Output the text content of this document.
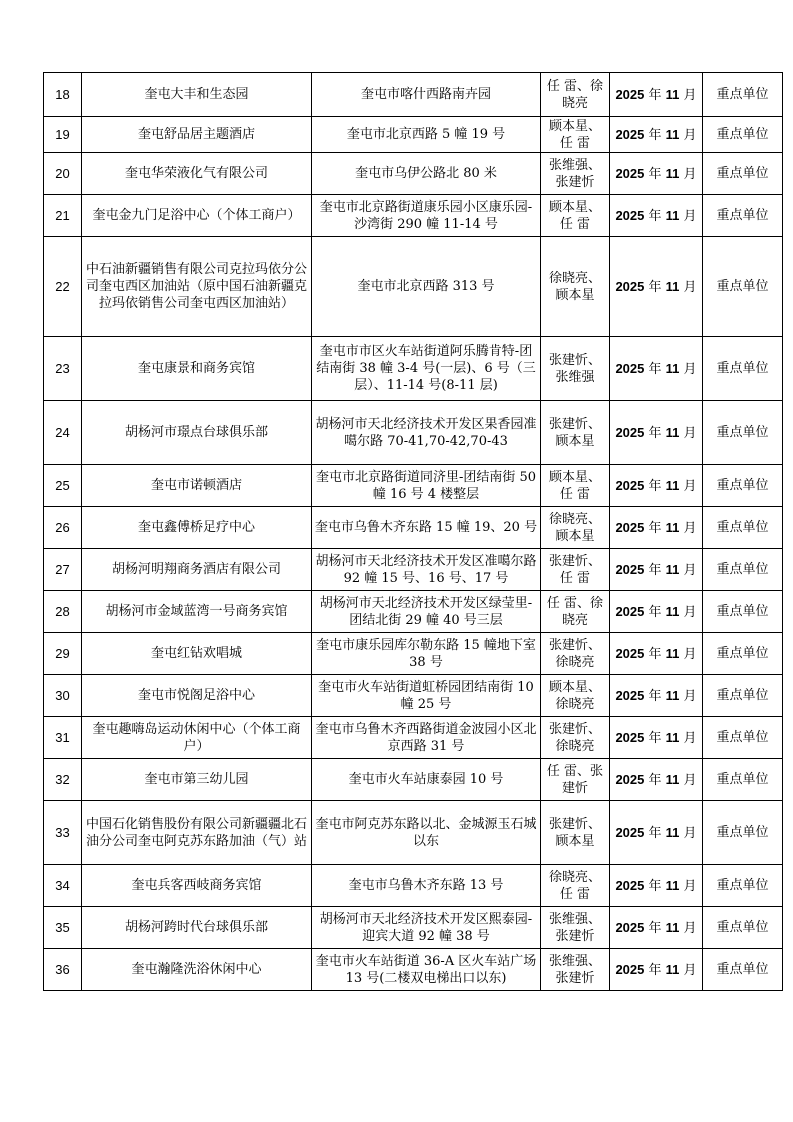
18	奎屯大丰和生态园	奎屯市喀什西路南卉园	任 雷、徐晓亮	2025 年 11 月	重点单位
19	奎屯舒品居主题酒店	奎屯市北京西路 5 幢 19 号	顾本星、任 雷	2025 年 11 月	重点单位
20	奎屯华荣液化气有限公司	奎屯市乌伊公路北 80 米	张维强、张建忻	2025 年 11 月	重点单位
21	奎屯金九门足浴中心（个体工商户）	奎屯市北京路街道康乐园小区康乐园-沙湾街 290 幢 11-14 号	顾本星、任 雷	2025 年 11 月	重点单位
22	中石油新疆销售有限公司克拉玛依分公司奎屯西区加油站（原中国石油新疆克拉玛依销售公司奎屯西区加油站）	奎屯市北京西路 313 号	徐晓亮、顾本星	2025 年 11 月	重点单位
23	奎屯康景和商务宾馆	奎屯市市区火车站街道阿乐腾肯特-团结南街 38 幢 3-4 号(一层)、6 号（三层）、11-14 号(8-11 层)	张建忻、张维强	2025 年 11 月	重点单位
24	胡杨河市璟点台球俱乐部	胡杨河市天北经济技术开发区果香园准噶尔路 70-41,70-42,70-43	张建忻、顾本星	2025 年 11 月	重点单位
25	奎屯市诺顿酒店	奎屯市北京路街道同济里-团结南街 50 幢 16 号 4 楼整层	顾本星、任 雷	2025 年 11 月	重点单位
26	奎屯鑫傅桥足疗中心	奎屯市乌鲁木齐东路 15 幢 19、20 号	徐晓亮、顾本星	2025 年 11 月	重点单位
27	胡杨河明翔商务酒店有限公司	胡杨河市天北经济技术开发区准噶尔路 92 幢 15 号、16 号、17 号	张建忻、任 雷	2025 年 11 月	重点单位
28	胡杨河市金域蓝湾一号商务宾馆	胡杨河市天北经济技术开发区绿莹里-团结北街 29 幢 40 号三层	任 雷、徐晓亮	2025 年 11 月	重点单位
29	奎屯红钻欢唱城	奎屯市康乐园库尔勒东路 15 幢地下室 38 号	张建忻、徐晓亮	2025 年 11 月	重点单位
30	奎屯市悦阁足浴中心	奎屯市火车站街道虹桥园团结南街 10 幢 25 号	顾本星、徐晓亮	2025 年 11 月	重点单位
31	奎屯趣嗨岛运动休闲中心（个体工商户）	奎屯市乌鲁木齐西路街道金波园小区北京西路 31 号	张建忻、徐晓亮	2025 年 11 月	重点单位
32	奎屯市第三幼儿园	奎屯市火车站康泰园 10 号	任 雷、张建忻	2025 年 11 月	重点单位
33	中国石化销售股份有限公司新疆疆北石油分公司奎屯阿克苏东路加油（气）站	奎屯市阿克苏东路以北、金城源玉石城以东	张建忻、顾本星	2025 年 11 月	重点单位
34	奎屯兵客西岐商务宾馆	奎屯市乌鲁木齐东路 13 号	徐晓亮、任 雷	2025 年 11 月	重点单位
35	胡杨河跨时代台球俱乐部	胡杨河市天北经济技术开发区熙泰园-迎宾大道 92 幢 38 号	张维强、张建忻	2025 年 11 月	重点单位
36	奎屯瀚隆洗浴休闲中心	奎屯市火车站街道 36-A 区火车站广场 13 号(二楼双电梯出口以东)	张维强、张建忻	2025 年 11 月	重点单位
